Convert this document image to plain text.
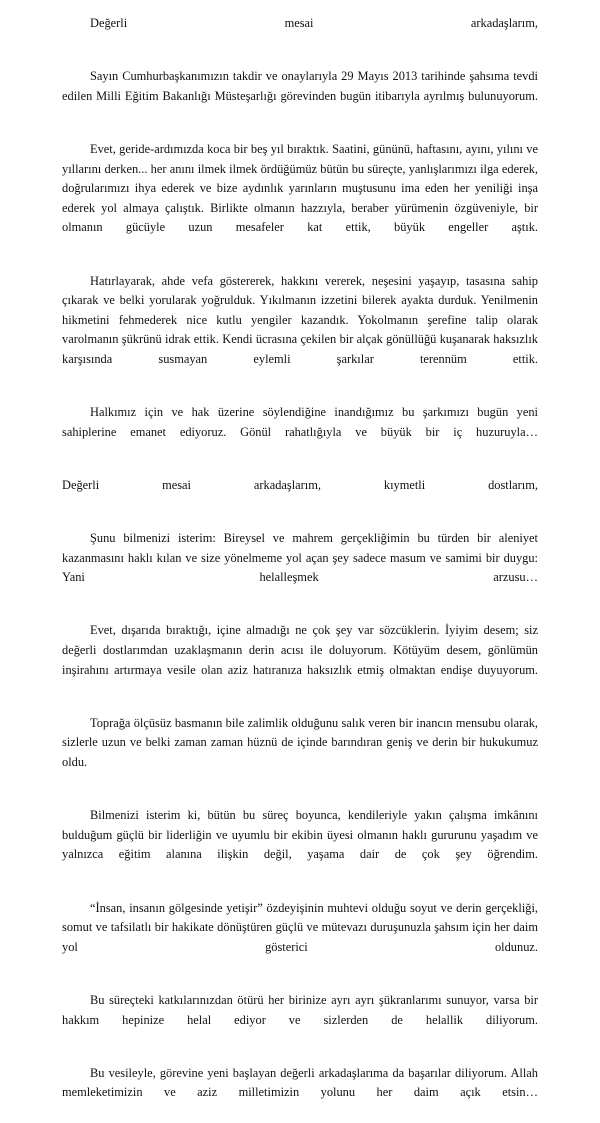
Değerli mesai arkadaşlarım,

Sayın Cumhurbaşkanımızın takdir ve onaylarıyla 29 Mayıs 2013 tarihinde şahsıma tevdi edilen Milli Eğitim Bakanlığı Müsteşarlığı görevinden bugün itibarıyla ayrılmış bulunuyorum.

Evet, geride-ardımızda koca bir beş yıl bıraktık. Saatini, gününü, haftasını, ayını, yılını ve yıllarını derken... her anını ilmek ilmek ördüğümüz bütün bu süreçte, yanlışlarımızı ilga ederek, doğrularımızı ihya ederek ve bize aydınlık yarınların muştusunu ima eden her yeniliği inşa ederek yol almaya çalıştık. Birlikte olmanın hazzıyla, beraber yürümenin özgüveniyle, bir olmanın gücüyle uzun mesafeler kat ettik, büyük engeller aştık.

Hatırlayarak, ahde vefa göstererek, hakkını vererek, neşesini yaşayıp, tasasına sahip çıkarak ve belki yorularak yoğrulduk. Yıkılmanın izzetini bilerek ayakta durduk. Yenilmenin hikmetini fehmederek nice kutlu yengiler kazandık. Yokolmanın şerefine talip olarak varolmanın şükrünü idrak ettik. Kendi ücrasına çekilen bir alçak gönüllüğü kuşanarak haksızlık karşısında susmayan eylemli şarkılar terennüm ettik.

Halkımız için ve hak üzerine söylendiğine inandığımız bu şarkımızı bugün yeni sahiplerine emanet ediyoruz. Gönül rahatlığıyla ve büyük bir iç huzuruyla…

Değerli mesai arkadaşlarım, kıymetli dostlarım,

Şunu bilmenizi isterim: Bireysel ve mahrem gerçekliğimin bu türden bir aleniyet kazanmasını haklı kılan ve size yönelmeme yol açan şey sadece masum ve samimi bir duygu: Yani helalleşmek arzusu…

Evet, dışarıda bıraktığı, içine almadığı ne çok şey var sözcüklerin. İyiyim desem; siz değerli dostlarımdan uzaklaşmanın derin acısı ile doluyorum. Kötüyüm desem, gönlümün inşirahını artırmaya vesile olan aziz hatıranıza haksızlık etmiş olmaktan endişe duyuyorum.

Toprağa ölçüsüz basmanın bile zalimlik olduğunu salık veren bir inancın mensubu olarak, sizlerle uzun ve belki zaman zaman hüznü de içinde barındıran geniş ve derin bir hukukumuz oldu.

Bilmenizi isterim ki, bütün bu süreç boyunca, kendileriyle yakın çalışma imkânını bulduğum güçlü bir liderliğin ve uyumlu bir ekibin üyesi olmanın haklı gururunu yaşadım ve yalnızca eğitim alanına ilişkin değil, yaşama dair de çok şey öğrendim.

“İnsan, insanın gölgesinde yetişir” özdeyişinin muhtevi olduğu soyut ve derin gerçekliği, somut ve tafsilatlı bir hakikate dönüştüren güçlü ve mütevazı duruşunuzla şahsım için her daim yol gösterici oldunuz.

Bu süreçteki katkılarınızdan ötürü her birinize ayrı ayrı şükranlarımı sunuyor, varsa bir hakkım hepinize helal ediyor ve sizlerden de helallik diliyorum.

Bu vesileyle, görevine yeni başlayan değerli arkadaşlarıma da başarılar diliyorum. Allah memleketimizin ve aziz milletimizin yolunu her daim açık etsin…
